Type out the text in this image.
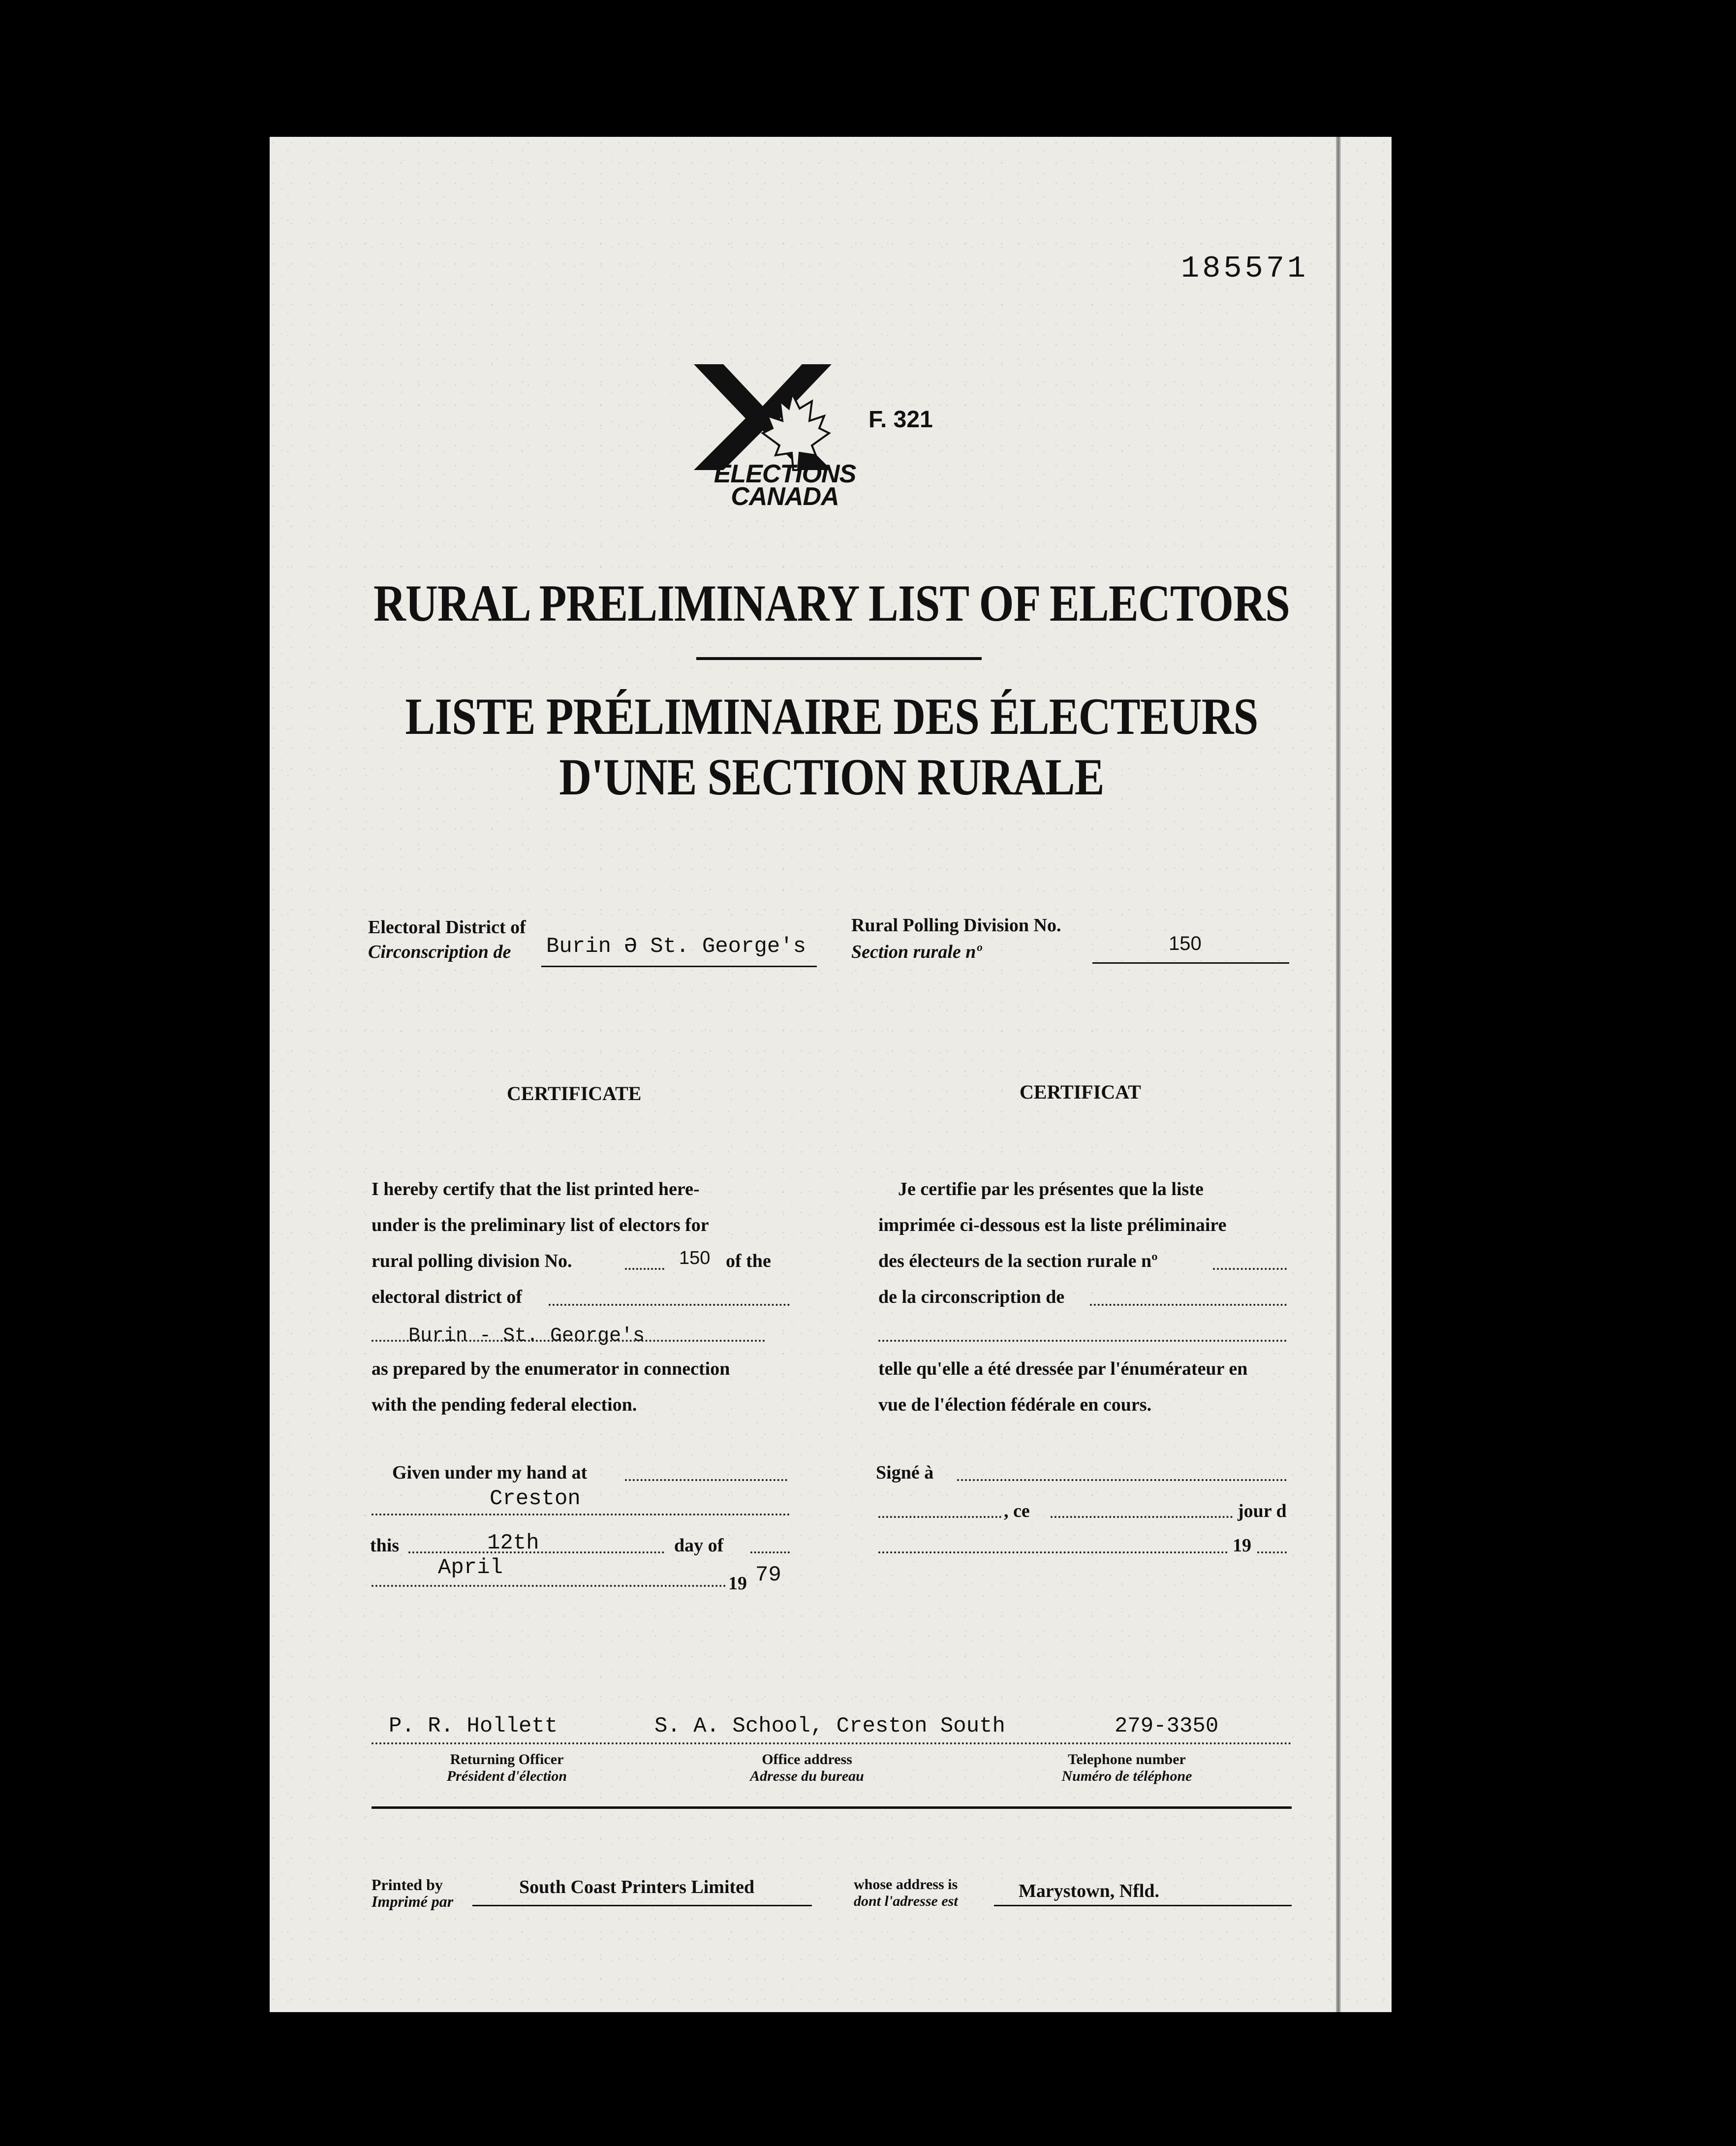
185571
F. 321
ELECTIONS
CANADA
RURAL PRELIMINARY LIST OF ELECTORS
LISTE PRÉLIMINAIRE DES ÉLECTEURS
D'UNE SECTION RURALE
Electoral District of
Circonscription de Burin Ə St. George's
Rural Polling Division No.
Section rurale nº	150
CERTIFICATE
I hereby certify that the list printed here-
under is the preliminary list of electors for
rural polling division No.	150 of the
electoral district of
Burin - St. George's
as prepared by the enumerator in connection
with the pending federal election.
Given under my hand at
Creston
this	12th	day of
April
19 79
CERTIFICAT
Je certifie par les présentes que la liste
imprimée ci-dessous est la liste préliminaire
des électeurs de la section rurale nº
de la circonscription de
telle qu'elle a été dressée par l'énumérateur en
vue de l'élection fédérale en cours.
Signé à
, ce	jour d
19
P. R. Hollett	S. A. School, Creston South	279-3350
Returning Officer
Président d'élection
Office address
Adresse du bureau
Telephone number
Numéro de téléphone
Printed by
Imprimé par
South Coast Printers Limited	whose address is
dont l'adresse est	Marystown, Nfld.
